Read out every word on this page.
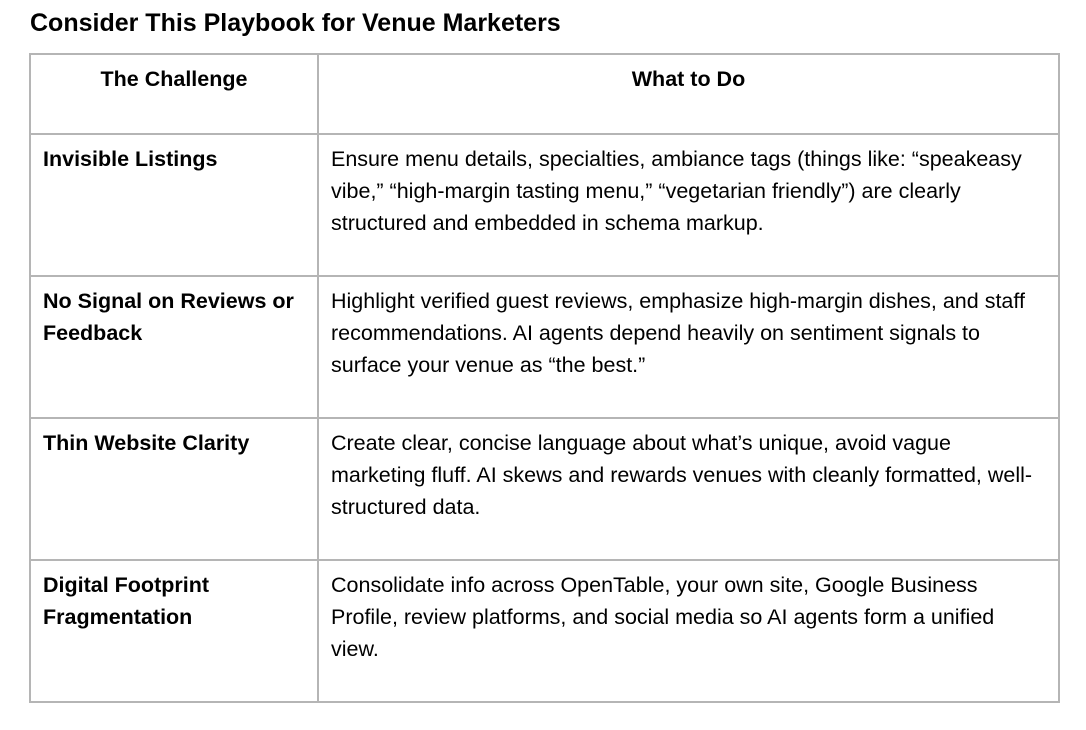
Consider This Playbook for Venue Marketers
The Challenge	What to Do

Invisible Listings	Ensure menu details, specialties, ambiance tags (things like: “speakeasy vibe,” “high-margin tasting menu,” “vegetarian friendly”) are clearly structured and embedded in schema markup.

No Signal on Reviews or Feedback	Highlight verified guest reviews, emphasize high-margin dishes, and staff recommendations. AI agents depend heavily on sentiment signals to surface your venue as “the best.”

Thin Website Clarity	Create clear, concise language about what’s unique, avoid vague marketing fluff. AI skews and rewards venues with cleanly formatted, well-structured data.

Digital Footprint Fragmentation	Consolidate info across OpenTable, your own site, Google Business Profile, review platforms, and social media so AI agents form a unified view.
